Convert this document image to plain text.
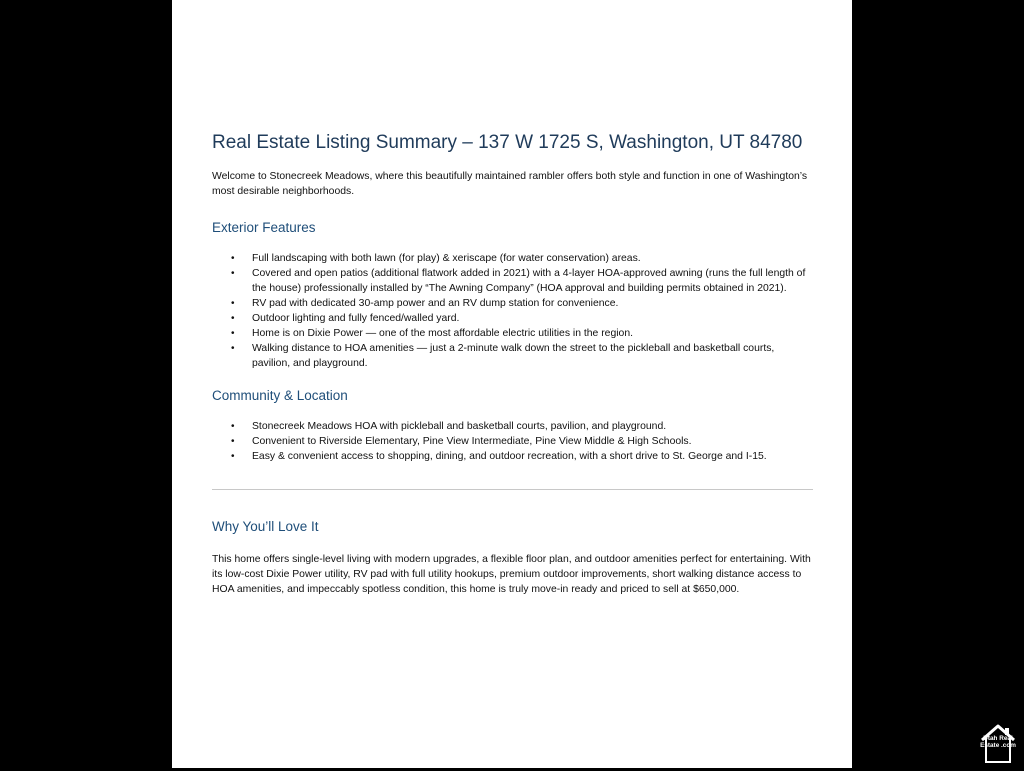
Real Estate Listing Summary – 137 W 1725 S, Washington, UT 84780

Welcome to Stonecreek Meadows, where this beautifully maintained rambler offers both style and function in one of Washington’s most desirable neighborhoods.

Exterior Features
• Full landscaping with both lawn (for play) & xeriscape (for water conservation) areas.
• Covered and open patios (additional flatwork added in 2021) with a 4-layer HOA-approved awning (runs the full length of the house) professionally installed by “The Awning Company” (HOA approval and building permits obtained in 2021).
• RV pad with dedicated 30-amp power and an RV dump station for convenience.
• Outdoor lighting and fully fenced/walled yard.
• Home is on Dixie Power — one of the most affordable electric utilities in the region.
• Walking distance to HOA amenities — just a 2-minute walk down the street to the pickleball and basketball courts, pavilion, and playground.
Community & Location
• Stonecreek Meadows HOA with pickleball and basketball courts, pavilion, and playground.
• Convenient to Riverside Elementary, Pine View Intermediate, Pine View Middle & High Schools.
• Easy & convenient access to shopping, dining, and outdoor recreation, with a short drive to St. George and I-15.
Why You’ll Love It

This home offers single-level living with modern upgrades, a flexible floor plan, and outdoor amenities perfect for entertaining. With its low-cost Dixie Power utility, RV pad with full utility hookups, premium outdoor improvements, short walking distance access to HOA amenities, and impeccably spotless condition, this home is truly move-in ready and priced to sell at $650,000.

Utah Real Estate .com
